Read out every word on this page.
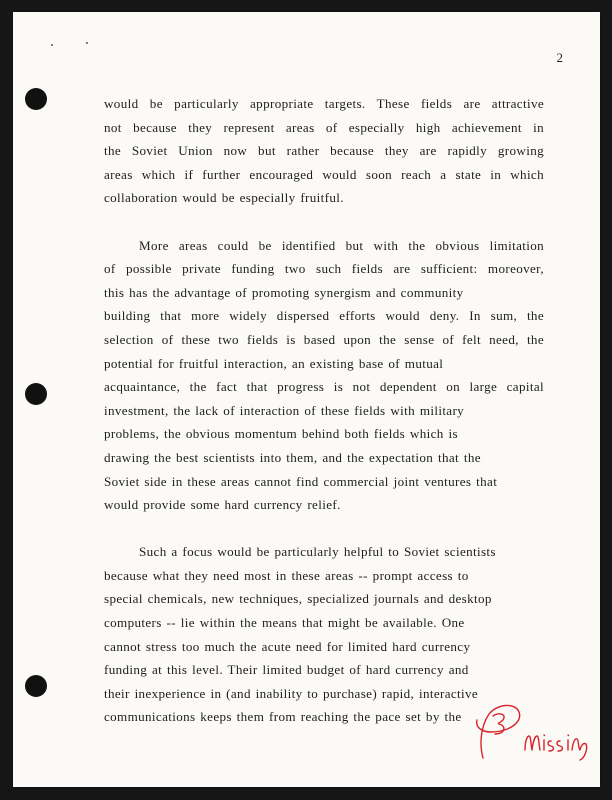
2
would be particularly appropriate targets. These fields are attractive
not because they represent areas of especially high achievement in
the Soviet Union now but rather because they are rapidly growing
areas which if further encouraged would soon reach a state in which
collaboration would be especially fruitful.
More areas could be identified but with the obvious limitation
of possible private funding two such fields are sufficient: moreover,
this has the advantage of promoting synergism and community
building that more widely dispersed efforts would deny. In sum, the
selection of these two fields is based upon the sense of felt need, the
potential for fruitful interaction, an existing base of mutual
acquaintance, the fact that progress is not dependent on large capital
investment, the lack of interaction of these fields with military
problems, the obvious momentum behind both fields which is
drawing the best scientists into them, and the expectation that the
Soviet side in these areas cannot find commercial joint ventures that
would provide some hard currency relief.
Such a focus would be particularly helpful to Soviet scientists
because what they need most in these areas -- prompt access to
special chemicals, new techniques, specialized journals and desktop
computers -- lie within the means that might be available. One
cannot stress too much the acute need for limited hard currency
funding at this level. Their limited budget of hard currency and
their inexperience in (and inability to purchase) rapid, interactive
communications keeps them from reaching the pace set by the
